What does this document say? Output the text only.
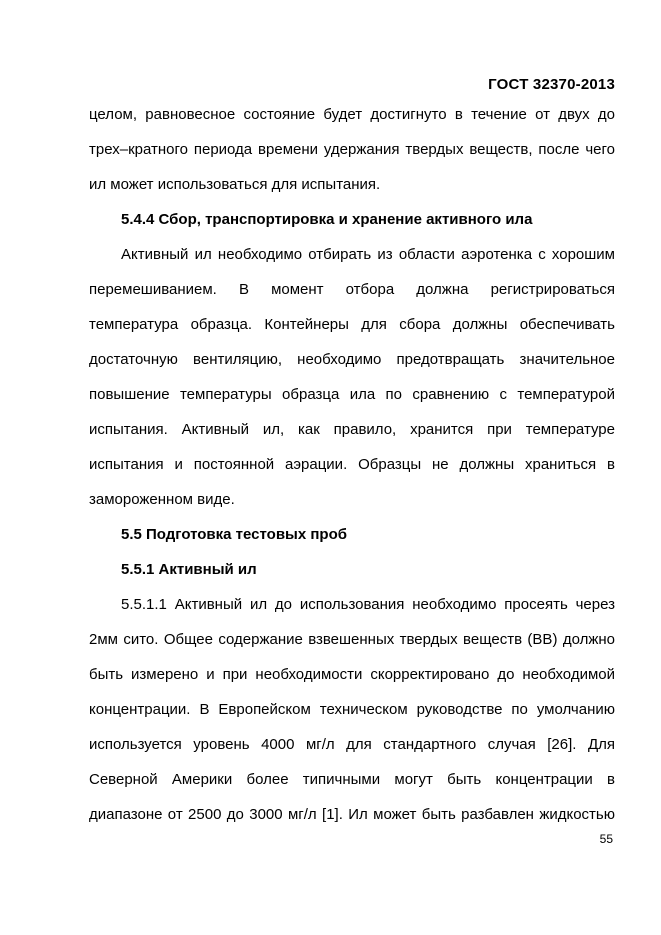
ГОСТ 32370-2013
целом, равновесное состояние будет достигнуто в течение от двух до
трех–кратного периода времени удержания твердых веществ, после чего
ил может использоваться для испытания.
5.4.4 Сбор, транспортировка и хранение активного ила
Активный ил необходимо отбирать из области аэротенка с хорошим
перемешиванием. В момент отбора должна регистрироваться
температура образца. Контейнеры для сбора должны обеспечивать
достаточную вентиляцию, необходимо предотвращать значительное
повышение температуры образца ила по сравнению с температурой
испытания. Активный ил, как правило, хранится при температуре
испытания и постоянной аэрации. Образцы не должны храниться в
замороженном виде.
5.5 Подготовка тестовых проб
5.5.1 Активный ил
5.5.1.1 Активный ил до использования необходимо просеять через
2мм сито. Общее содержание взвешенных твердых веществ (ВВ) должно
быть измерено и при необходимости скорректировано до необходимой
концентрации. В Европейском техническом руководстве по умолчанию
используется уровень 4000 мг/л для стандартного случая [26]. Для
Северной Америки более типичными могут быть концентрации в
диапазоне от 2500 до 3000 мг/л [1]. Ил может быть разбавлен жидкостью
55
